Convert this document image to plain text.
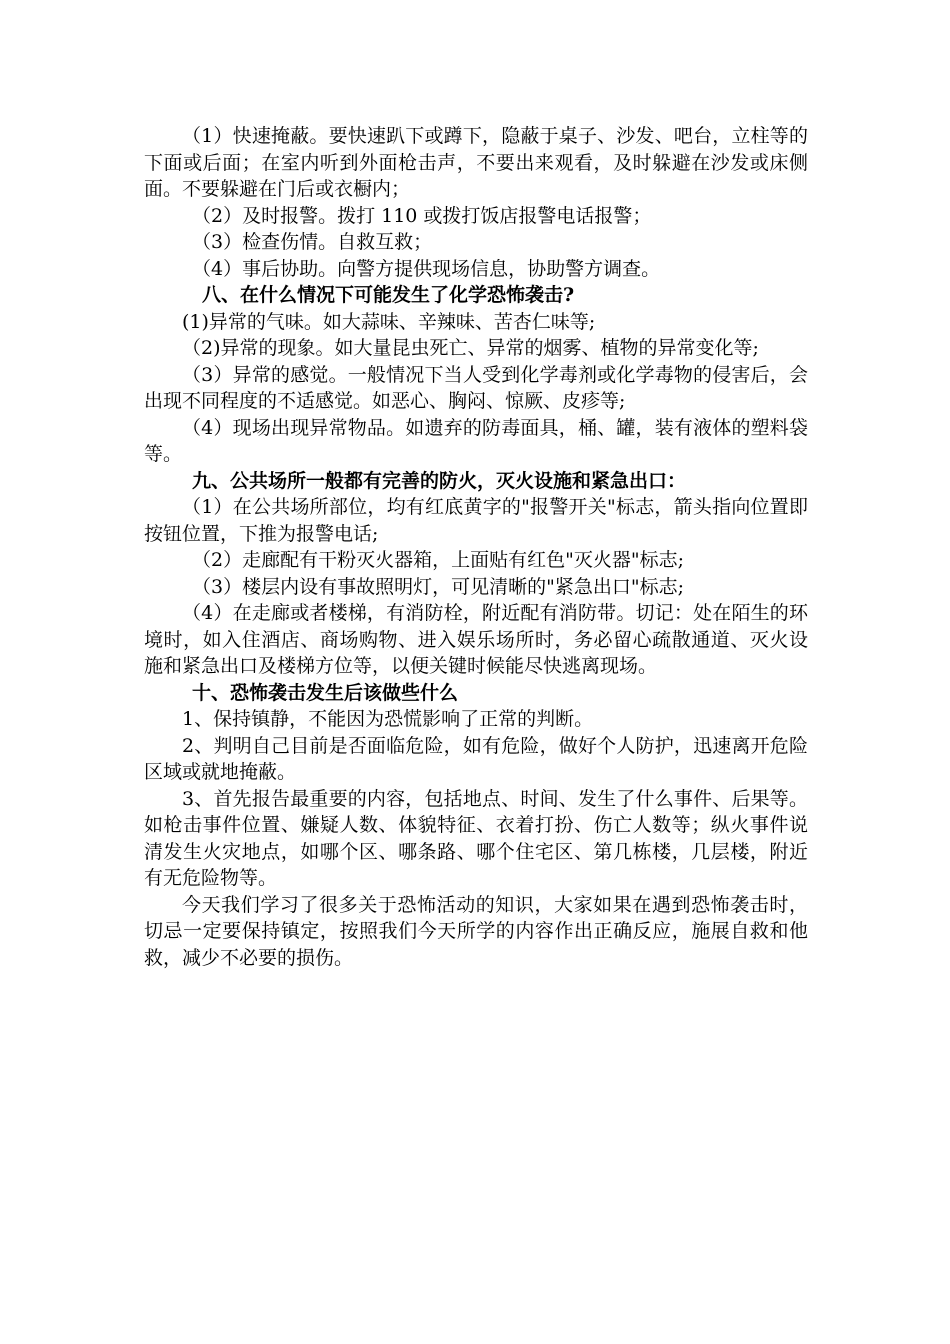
（1）快速掩蔽。要快速趴下或蹲下，隐蔽于桌子、沙发、吧台，立柱等的下面或后面；在室内听到外面枪击声，不要出来观看，及时躲避在沙发或床侧面。不要躲避在门后或衣橱内；

（2）及时报警。拨打 110 或拨打饭店报警电话报警；

（3）检查伤情。自救互救；

（4）事后协助。向警方提供现场信息，协助警方调查。

八、在什么情况下可能发生了化学恐怖袭击?

(1)异常的气味。如大蒜味、辛辣味、苦杏仁味等;

（2)异常的现象。如大量昆虫死亡、异常的烟雾、植物的异常变化等;

（3）异常的感觉。一般情况下当人受到化学毒剂或化学毒物的侵害后，会出现不同程度的不适感觉。如恶心、胸闷、惊厥、皮疹等;

（4）现场出现异常物品。如遗弃的防毒面具，桶、罐，装有液体的塑料袋等。

九、公共场所一般都有完善的防火，灭火设施和紧急出口：

（1）在公共场所部位，均有红底黄字的"报警开关"标志，箭头指向位置即按钮位置，下推为报警电话;

（2）走廊配有干粉灭火器箱，上面贴有红色"灭火器"标志;

（3）楼层内设有事故照明灯，可见清晰的"紧急出口"标志;

（4）在走廊或者楼梯，有消防栓，附近配有消防带。切记：处在陌生的环境时，如入住酒店、商场购物、进入娱乐场所时，务必留心疏散通道、灭火设施和紧急出口及楼梯方位等，以便关键时候能尽快逃离现场。

十、恐怖袭击发生后该做些什么

1、保持镇静，不能因为恐慌影响了正常的判断。

2、判明自己目前是否面临危险，如有危险，做好个人防护，迅速离开危险区域或就地掩蔽。

3、首先报告最重要的内容，包括地点、时间、发生了什么事件、后果等。如枪击事件位置、嫌疑人数、体貌特征、衣着打扮、伤亡人数等；纵火事件说清发生火灾地点，如哪个区、哪条路、哪个住宅区、第几栋楼，几层楼，附近有无危险物等。

今天我们学习了很多关于恐怖活动的知识，大家如果在遇到恐怖袭击时，切忌一定要保持镇定，按照我们今天所学的内容作出正确反应，施展自救和他救，减少不必要的损伤。
